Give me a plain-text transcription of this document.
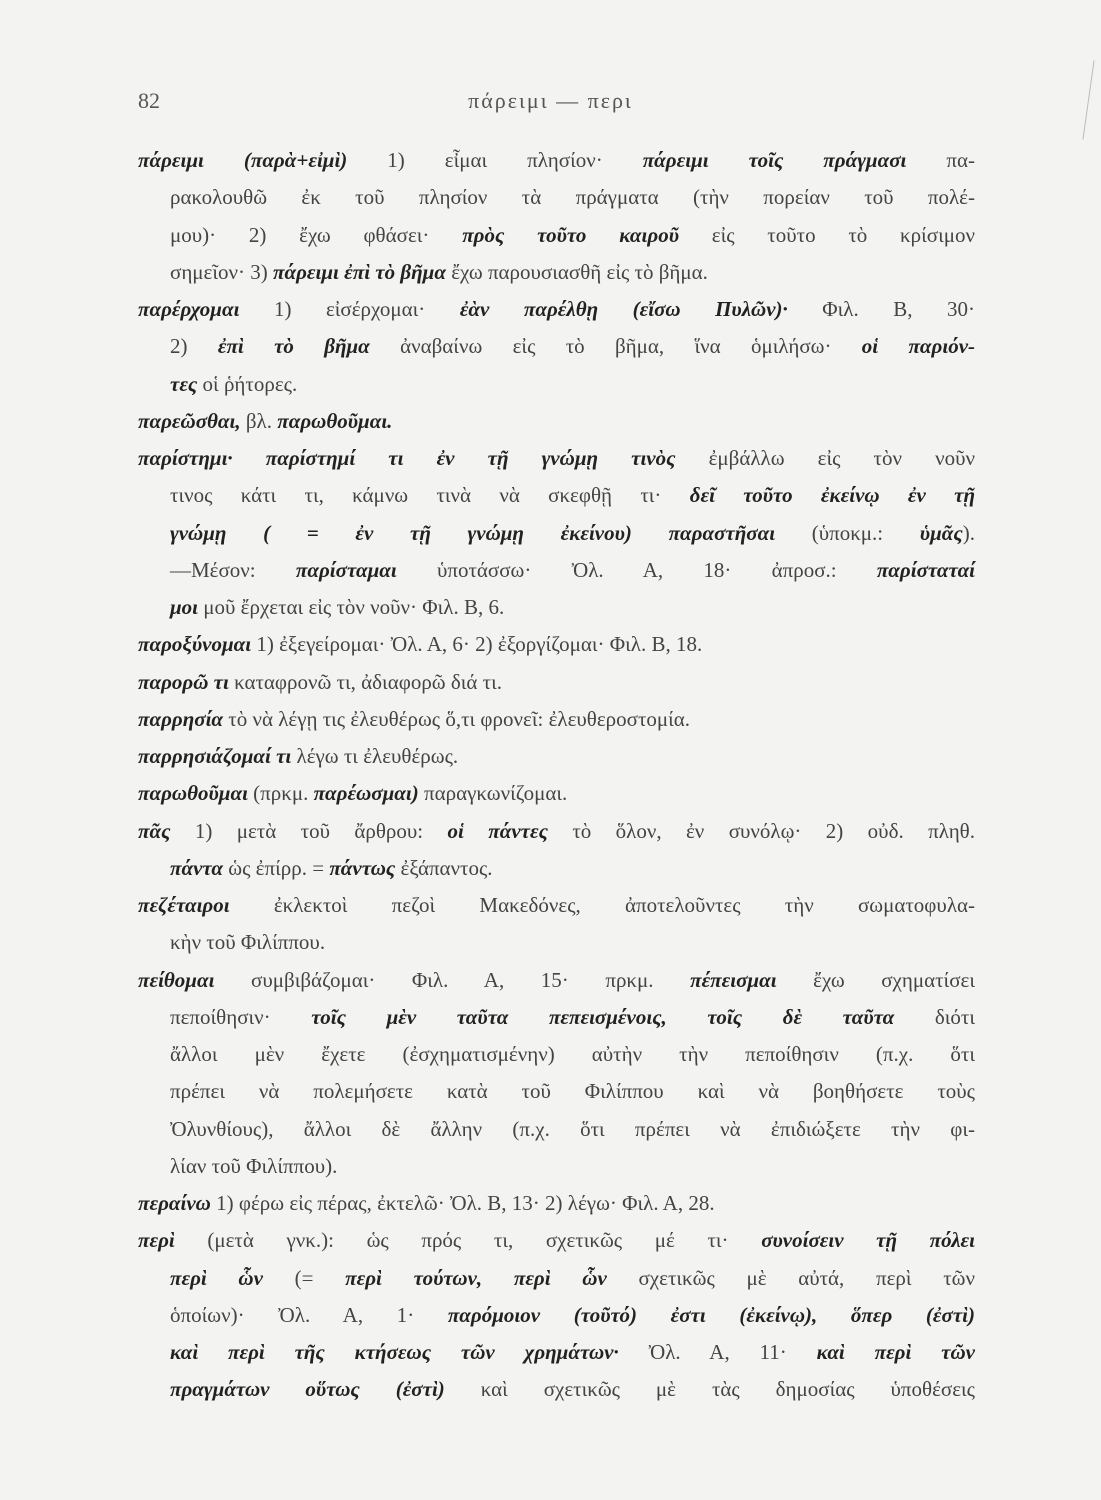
82	πάρειμι — περι
πάρειμι (παρὰ+εἰμὶ) 1) εἶμαι πλησίον· πάρειμι τοῖς πράγμασι πα-
ρακολουθῶ ἐκ τοῦ πλησίον τὰ πράγματα (τὴν πορείαν τοῦ πολέ-
μου)· 2) ἔχω φθάσει· πρὸς τοῦτο καιροῦ εἰς τοῦτο τὸ κρίσιμον
σημεῖον· 3) πάρειμι ἐπὶ τὸ βῆμα ἔχω παρουσιασθῆ εἰς τὸ βῆμα.
παρέρχομαι 1) εἰσέρχομαι· ἐὰν παρέλθῃ (εἴσω Πυλῶν)· Φιλ. Β, 30·
2) ἐπὶ τὸ βῆμα ἀναβαίνω εἰς τὸ βῆμα, ἵνα ὁμιλήσω· οἱ παριόν-
τες οἱ ῥήτορες.
παρεῶσθαι, βλ. παρωθοῦμαι.
παρίστημι· παρίστημί τι ἐν τῇ γνώμῃ τινὸς ἐμβάλλω εἰς τὸν νοῦν
τινος κάτι τι, κάμνω τινὰ νὰ σκεφθῇ τι· δεῖ τοῦτο ἐκείνῳ ἐν τῇ
γνώμῃ ( = ἐν τῇ γνώμῃ ἐκείνου) παραστῆσαι (ὑποκμ.: ὑμᾶς).
—Μέσον: παρίσταμαι ὑποτάσσω· Ὀλ. Α, 18· ἀπροσ.: παρίσταταί
μοι μοῦ ἔρχεται εἰς τὸν νοῦν· Φιλ. Β, 6.
παροξύνομαι 1) ἐξεγείρομαι· Ὀλ. Α, 6· 2) ἐξοργίζομαι· Φιλ. Β, 18.
παρορῶ τι καταφρονῶ τι, ἀδιαφορῶ διά τι.
παρρησία τὸ νὰ λέγῃ τις ἐλευθέρως ὅ,τι φρονεῖ: ἐλευθεροστομία.
παρρησιάζομαί τι λέγω τι ἐλευθέρως.
παρωθοῦμαι (πρκμ. παρέωσμαι) παραγκωνίζομαι.
πᾶς 1) μετὰ τοῦ ἄρθρου: οἱ πάντες τὸ ὅλον, ἐν συνόλῳ· 2) οὐδ. πληθ.
πάντα ὡς ἐπίρρ. = πάντως ἐξάπαντος.
πεζέταιροι ἐκλεκτοὶ πεζοὶ Μακεδόνες, ἀποτελοῦντες τὴν σωματοφυλα-
κὴν τοῦ Φιλίππου.
πείθομαι συμβιβάζομαι· Φιλ. Α, 15· πρκμ. πέπεισμαι ἔχω σχηματίσει
πεποίθησιν· τοῖς μὲν ταῦτα πεπεισμένοις, τοῖς δὲ ταῦτα διότι
ἄλλοι μὲν ἔχετε (ἐσχηματισμένην) αὐτὴν τὴν πεποίθησιν (π.χ. ὅτι
πρέπει νὰ πολεμήσετε κατὰ τοῦ Φιλίππου καὶ νὰ βοηθήσετε τοὺς
Ὀλυνθίους), ἄλλοι δὲ ἄλλην (π.χ. ὅτι πρέπει νὰ ἐπιδιώξετε τὴν φι-
λίαν τοῦ Φιλίππου).
περαίνω 1) φέρω εἰς πέρας, ἐκτελῶ· Ὀλ. Β, 13· 2) λέγω· Φιλ. Α, 28.
περὶ (μετὰ γνκ.): ὡς πρός τι, σχετικῶς μέ τι· συνοίσειν τῇ πόλει
περὶ ὧν (= περὶ τούτων, περὶ ὧν σχετικῶς μὲ αὐτά, περὶ τῶν
ὁποίων)· Ὀλ. Α, 1· παρόμοιον (τοῦτό) ἐστι (ἐκείνῳ), ὅπερ (ἐστὶ)
καὶ περὶ τῆς κτήσεως τῶν χρημάτων· Ὀλ. Α, 11· καὶ περὶ τῶν
πραγμάτων οὕτως (ἐστὶ) καὶ σχετικῶς μὲ τὰς δημοσίας ὑποθέσεις
